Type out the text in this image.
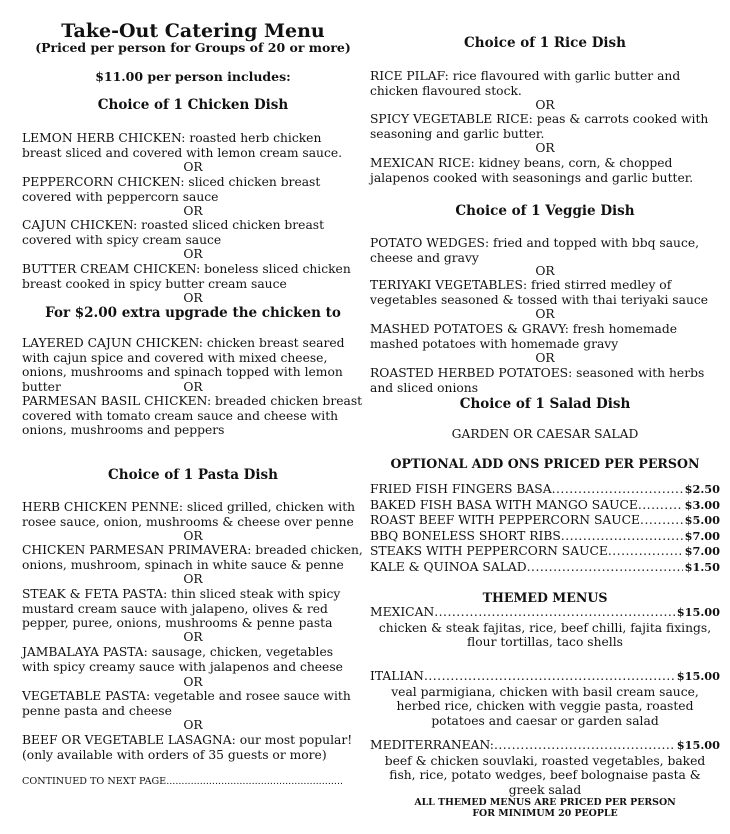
Take-Out Catering Menu
(Priced per person for Groups of 20 or more)
$11.00 per person includes:
Choice of 1 Chicken Dish
LEMON HERB CHICKEN: roasted herb chicken breast sliced and covered with lemon cream sauce.
OR
PEPPERCORN CHICKEN: sliced chicken breast covered with peppercorn sauce
OR
CAJUN CHICKEN: roasted sliced chicken breast covered with spicy cream sauce
OR
BUTTER CREAM CHICKEN: boneless sliced chicken breast cooked in spicy butter cream sauce
OR
For $2.00 extra upgrade the chicken to
LAYERED CAJUN CHICKEN: chicken breast seared with cajun spice and covered with mixed cheese, onions, mushrooms and spinach topped with lemon butter	OR
PARMESAN BASIL CHICKEN: breaded chicken breast covered with tomato cream sauce and cheese with onions, mushrooms and peppers
Choice of 1 Pasta Dish
HERB CHICKEN PENNE: sliced grilled, chicken with rosee sauce, onion, mushrooms & cheese over penne
OR
CHICKEN PARMESAN PRIMAVERA: breaded chicken, onions, mushroom, spinach in white sauce & penne
OR
STEAK & FETA PASTA: thin sliced steak with spicy mustard cream sauce with jalapeno, olives & red pepper, puree, onions, mushrooms & penne pasta
OR
JAMBALAYA PASTA: sausage, chicken, vegetables with spicy creamy sauce with jalapenos and cheese
OR
VEGETABLE PASTA: vegetable and rosee sauce with penne pasta and cheese
OR
BEEF OR VEGETABLE LASAGNA: our most popular! (only available with orders of 35 guests or more)
CONTINUED TO NEXT PAGE
.....
Choice of 1 Rice Dish
RICE PILAF: rice flavoured with garlic butter and chicken flavoured stock.
OR
SPICY VEGETABLE RICE: peas & carrots cooked with seasoning and garlic butter.
OR
MEXICAN RICE: kidney beans, corn, & chopped jalapenos cooked with seasonings and garlic butter.
Choice of 1 Veggie Dish
POTATO WEDGES: fried and topped with bbq sauce, cheese and gravy
OR
TERIYAKI VEGETABLES: fried stirred medley of vegetables seasoned & tossed with thai teriyaki sauce
OR
MASHED POTATOES & GRAVY: fresh homemade mashed potatoes with homemade gravy
OR
ROASTED HERBED POTATOES: seasoned with herbs and sliced onions
Choice of 1 Salad Dish
GARDEN OR CAESAR SALAD
OPTIONAL ADD ONS PRICED PER PERSON
FRIED FISH FINGERS BASA .....	$2.50
BAKED FISH BASA WITH MANGO SAUCE .....	$3.00
ROAST BEEF WITH PEPPERCORN SAUCE .....	$5.00
BBQ BONELESS SHORT RIBS .....	$7.00
STEAKS WITH PEPPERCORN SAUCE .....	$7.00
KALE & QUINOA SALAD .....	$1.50
THEMED MENUS
MEXICAN .....	$15.00
chicken & steak fajitas, rice, beef chilli, fajita fixings, flour tortillas, taco shells
ITALIAN .....	$15.00
veal parmigiana, chicken with basil cream sauce, herbed rice, chicken with veggie pasta, roasted potatoes and caesar or garden salad
MEDITERRANEAN: .....	$15.00
beef & chicken souvlaki, roasted vegetables, baked fish, rice, potato wedges, beef bolognaise pasta & greek salad
ALL THEMED MENUS ARE PRICED PER PERSON
FOR MINIMUM 20 PEOPLE
